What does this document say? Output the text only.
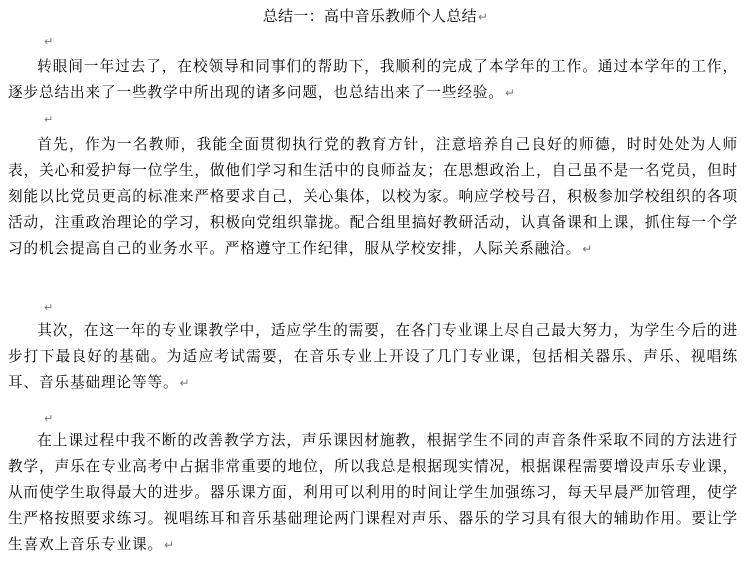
总结一：高中音乐教师个人总结↵
↵

转眼间一年过去了，在校领导和同事们的帮助下，我顺利的完成了本学年的工作。通过本学年的工作，逐步总结出来了一些教学中所出现的诸多问题，也总结出来了一些经验。↵

↵

首先，作为一名教师，我能全面贯彻执行党的教育方针，注意培养自己良好的师德，时时处处为人师表，关心和爱护每一位学生，做他们学习和生活中的良师益友；在思想政治上，自己虽不是一名党员，但时刻能以比党员更高的标准来严格要求自己，关心集体，以校为家。响应学校号召，积极参加学校组织的各项活动，注重政治理论的学习，积极向党组织靠拢。配合组里搞好教研活动，认真备课和上课，抓住每一个学习的机会提高自己的业务水平。严格遵守工作纪律，服从学校安排，人际关系融洽。↵

↵

其次，在这一年的专业课教学中，适应学生的需要，在各门专业课上尽自己最大努力，为学生今后的进步打下最良好的基础。为适应考试需要，在音乐专业上开设了几门专业课，包括相关器乐、声乐、视唱练耳、音乐基础理论等等。↵

↵

在上课过程中我不断的改善教学方法，声乐课因材施教，根据学生不同的声音条件采取不同的方法进行教学，声乐在专业高考中占据非常重要的地位，所以我总是根据现实情况，根据课程需要增设声乐专业课，从而使学生取得最大的进步。器乐课方面，利用可以利用的时间让学生加强练习，每天早晨严加管理，使学生严格按照要求练习。视唱练耳和音乐基础理论两门课程对声乐、器乐的学习具有很大的辅助作用。要让学生喜欢上音乐专业课。↵
